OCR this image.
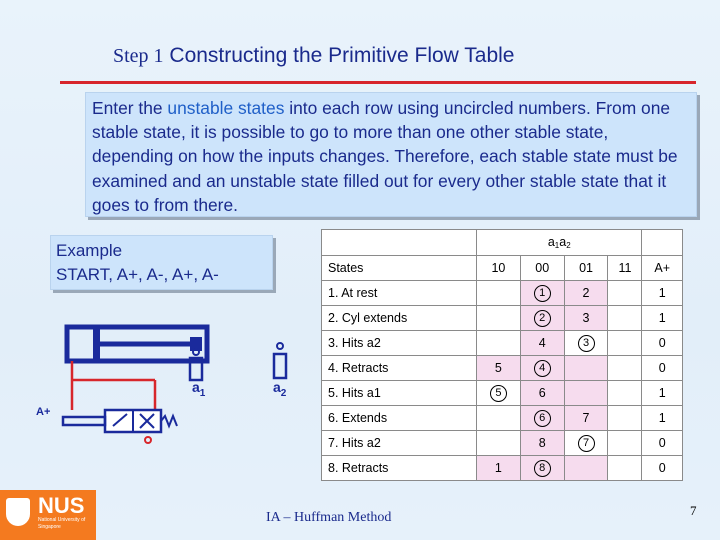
Step 1 Constructing the Primitive Flow Table

Enter the unstable states into each row using uncircled numbers. From one stable state, it is possible to go to more than one other stable state, depending on how the inputs changes. Therefore, each stable state must be examined and an unstable state filled out for every other stable state that it goes to from there.

Example
START, A+, A-, A+, A-
$a_1$	$a_2$
A+
	$a_1a_2$	
States	10	00	01	11	A+
1. At rest		1	2		1
2. Cyl extends		2	3		1
3. Hits a2		4	3		0
4. Retracts	5	4			0
5. Hits a1	5	6			1
6. Extends		6	7		1
7. Hits a2		8	7		0
8. Retracts	1	8			0
NUS
National University of Singapore
IA – Huffman Method	7
